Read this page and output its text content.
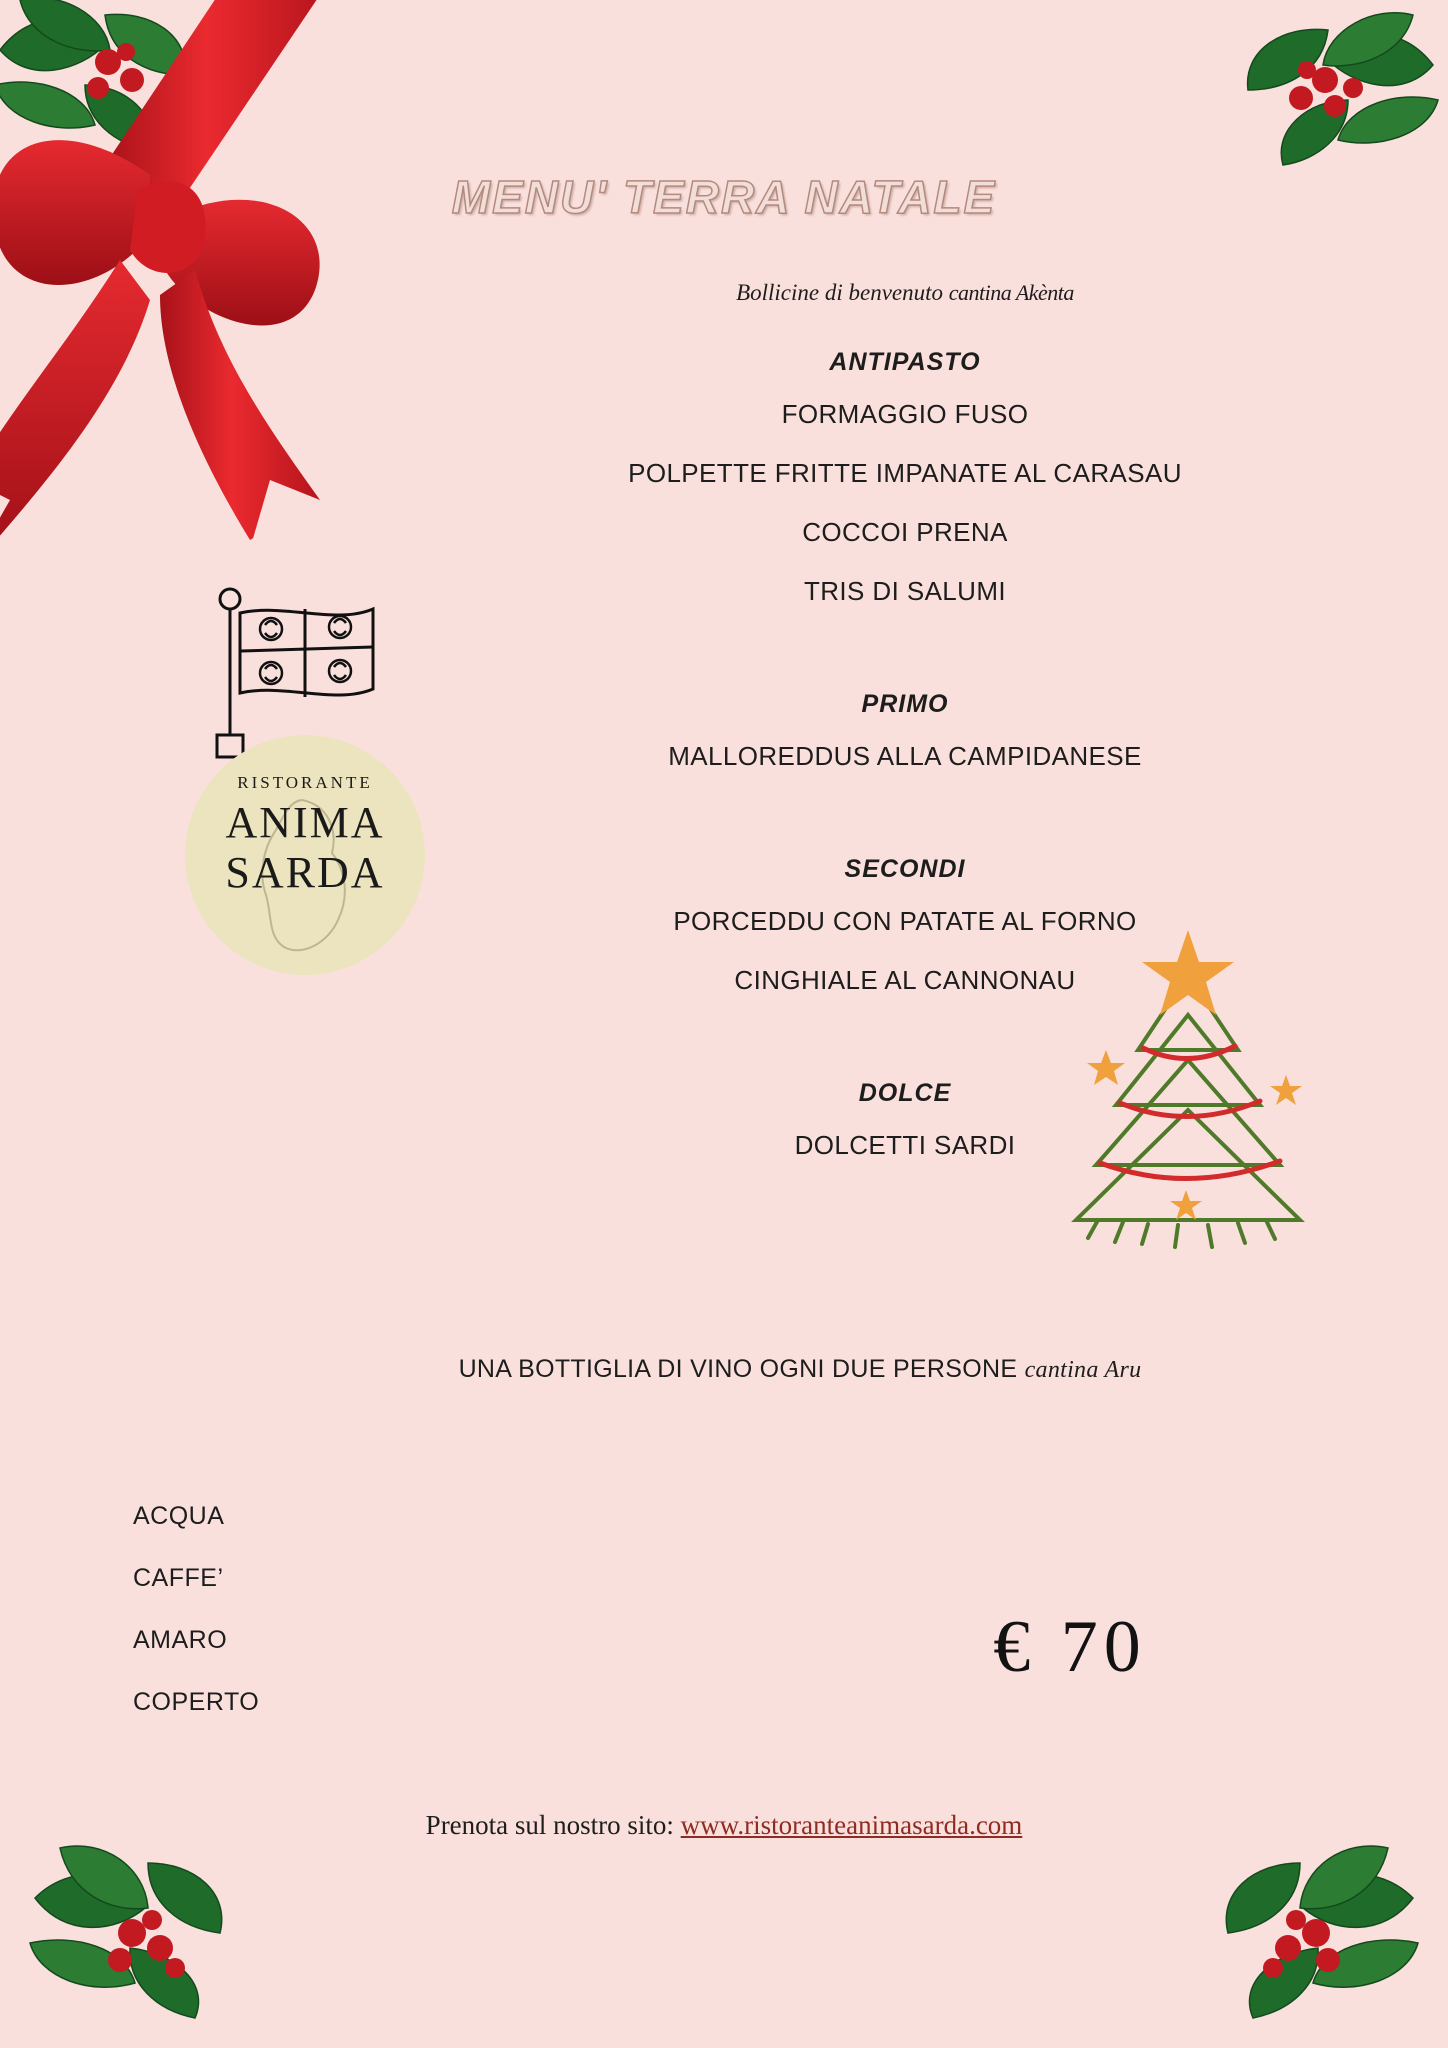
RISTORANTE
ANIMA
SARDA
MENU' TERRA NATALE
Bollicine di benvenuto cantina Akènta
ANTIPASTO
FORMAGGIO FUSO
POLPETTE FRITTE IMPANATE AL CARASAU
COCCOI PRENA
TRIS DI SALUMI
PRIMO
MALLOREDDUS ALLA CAMPIDANESE
SECONDI
PORCEDDU CON PATATE AL FORNO
CINGHIALE AL CANNONAU
DOLCE
DOLCETTI SARDI
UNA BOTTIGLIA DI VINO OGNI DUE PERSONE cantina Aru
ACQUA
CAFFE’
AMARO
COPERTO
€ 70
Prenota sul nostro sito: www.ristoranteanimasarda.com
